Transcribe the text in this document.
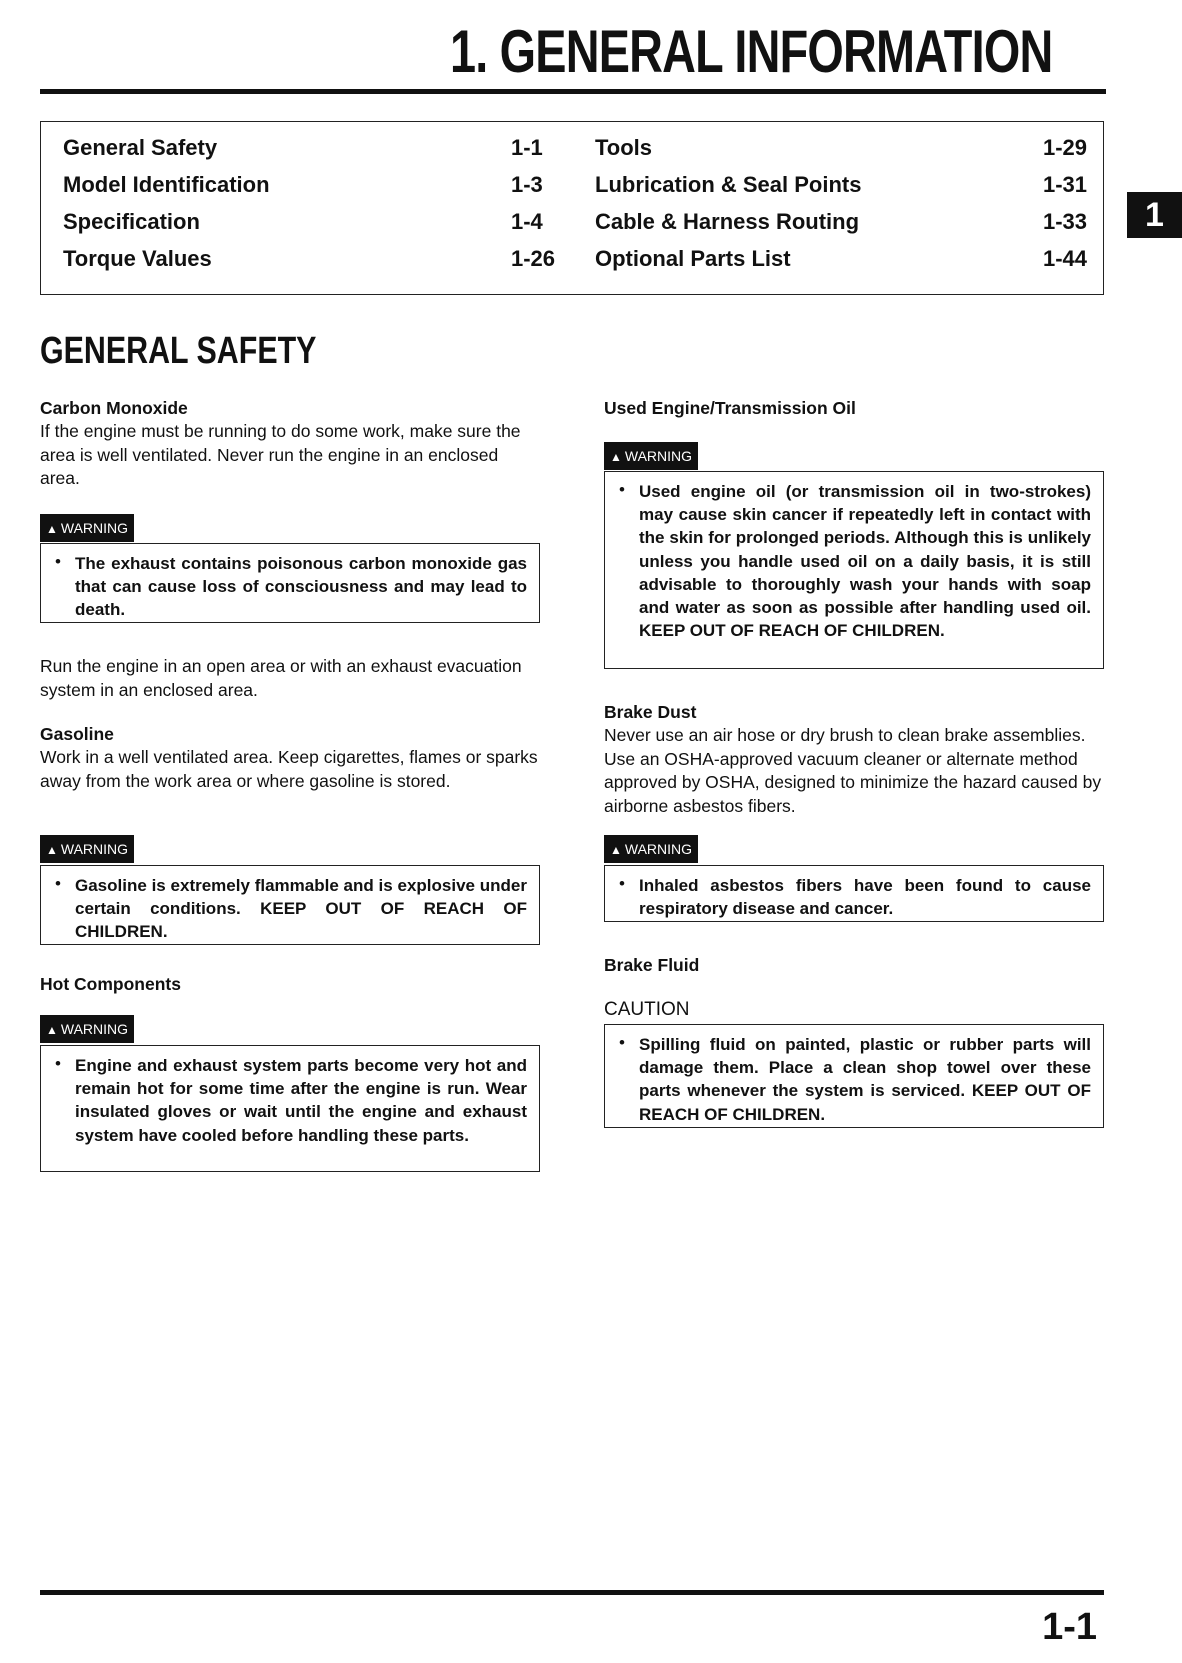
1. GENERAL INFORMATION
General Safety	1-1
Model Identification	1-3
Specification	1-4
Torque Values	1-26
Tools	1-29
Lubrication & Seal Points	1-31
Cable & Harness Routing	1-33
Optional Parts List	1-44
1
GENERAL SAFETY
Carbon Monoxide

If the engine must be running to do some work, make sure the area is well ventilated. Never run the engine in an enclosed area.

▲ WARNING
• The exhaust contains poisonous carbon monoxide gas that can cause loss of consciousness and may lead to death.

Run the engine in an open area or with an exhaust evacuation system in an enclosed area.

Gasoline

Work in a well ventilated area. Keep cigarettes, flames or sparks away from the work area or where gasoline is stored.

▲ WARNING
• Gasoline is extremely flammable and is explosive under certain conditions. KEEP OUT OF REACH OF CHILDREN.

Hot Components
▲ WARNING
• Engine and exhaust system parts become very hot and remain hot for some time after the engine is run. Wear insulated gloves or wait until the engine and exhaust system have cooled before handling these parts.

Used Engine/Transmission Oil
▲ WARNING
• Used engine oil (or transmission oil in two-strokes) may cause skin cancer if repeatedly left in contact with the skin for prolonged periods. Although this is unlikely unless you handle used oil on a daily basis, it is still advisable to thoroughly wash your hands with soap and water as soon as possible after handling used oil. KEEP OUT OF REACH OF CHILDREN.

Brake Dust

Never use an air hose or dry brush to clean brake assemblies. Use an OSHA-approved vacuum cleaner or alternate method approved by OSHA, designed to minimize the hazard caused by airborne asbestos fibers.

▲ WARNING
• Inhaled asbestos fibers have been found to cause respiratory disease and cancer.

Brake Fluid
CAUTION
• Spilling fluid on painted, plastic or rubber parts will damage them. Place a clean shop towel over these parts whenever the system is serviced. KEEP OUT OF REACH OF CHILDREN.

1-1
